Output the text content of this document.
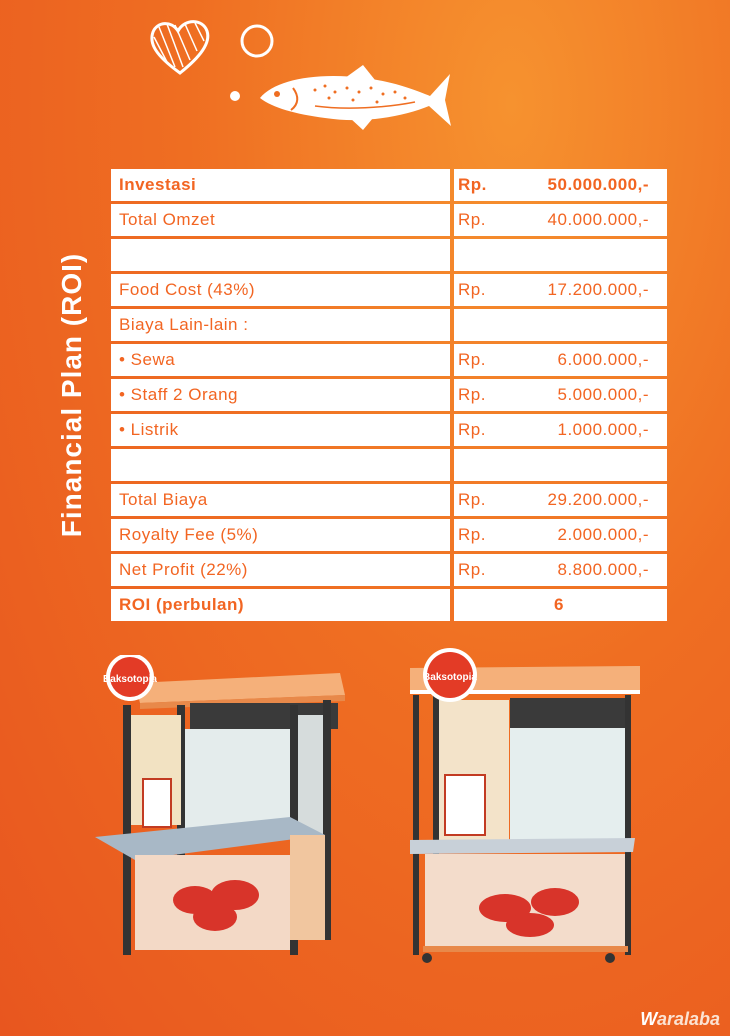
Financial Plan (ROI)
Investasi		Rp. 50.000.000,-

Total Omzet		Rp. 40.000.000,-

Food Cost (43%)		Rp. 17.200.000,-

Biaya Lain-lain :		

• Sewa		Rp. 6.000.000,-

• Staff 2 Orang		Rp. 5.000.000,-

• Listrik		Rp. 1.000.000,-

Total Biaya		Rp. 29.200.000,-

Royalty Fee (5%)		Rp. 2.000.000,-

Net Profit (22%)		Rp. 8.800.000,-

ROI (perbulan)		6
Baksotopia	Baksotopia
Waralaba
